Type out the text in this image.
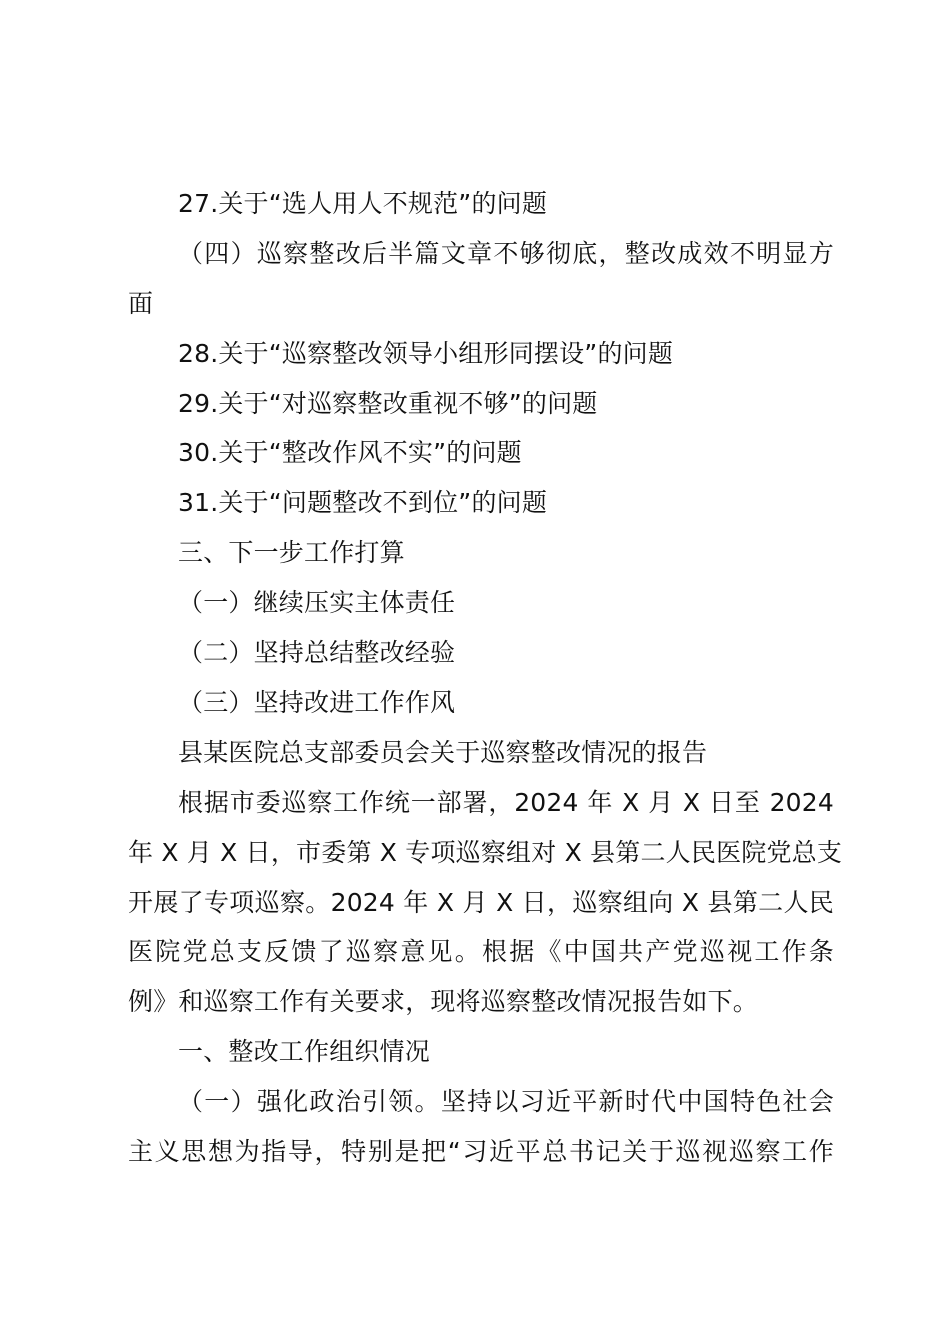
27.关于“选人用人不规范”的问题
（四）巡察整改后半篇文章不够彻底，整改成效不明显方
面
28.关于“巡察整改领导小组形同摆设”的问题
29.关于“对巡察整改重视不够”的问题
30.关于“整改作风不实”的问题
31.关于“问题整改不到位”的问题
三、下一步工作打算
（一）继续压实主体责任
（二）坚持总结整改经验
（三）坚持改进工作作风
县某医院总支部委员会关于巡察整改情况的报告
根据市委巡察工作统一部署，2024 年 X 月 X 日至 2024
年 X 月 X 日，市委第 X 专项巡察组对 X 县第二人民医院党总支
开展了专项巡察。2024 年 X 月 X 日，巡察组向 X 县第二人民
医院党总支反馈了巡察意见。根据《中国共产党巡视工作条
例》和巡察工作有关要求，现将巡察整改情况报告如下。
一、整改工作组织情况
（一）强化政治引领。坚持以习近平新时代中国特色社会
主义思想为指导，特别是把“习近平总书记关于巡视巡察工作
